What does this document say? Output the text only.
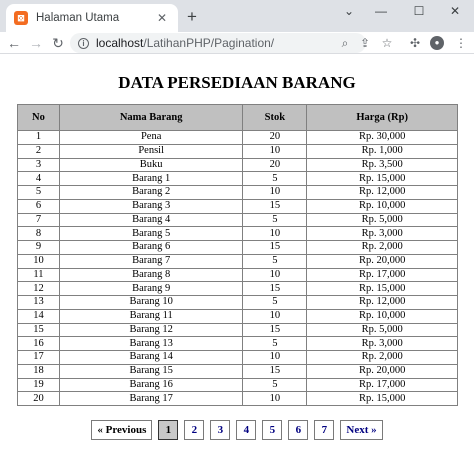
⊠ Halaman Utama	✕ +	⌄	—	☐	✕
← → ↻	i localhost/LatihanPHP/Pagination/	⌕ ⇪ ☆	✣	●	⋮
DATA PERSEDIAAN BARANG
No	Nama Barang	Stok	Harga (Rp)
1	Pena	20	Rp. 30,000
2	Pensil	10	Rp. 1,000
3	Buku	20	Rp. 3,500
4	Barang 1	5	Rp. 15,000
5	Barang 2	10	Rp. 12,000
6	Barang 3	15	Rp. 10,000
7	Barang 4	5	Rp. 5,000
8	Barang 5	10	Rp. 3,000
9	Barang 6	15	Rp. 2,000
10	Barang 7	5	Rp. 20,000
11	Barang 8	10	Rp. 17,000
12	Barang 9	15	Rp. 15,000
13	Barang 10	5	Rp. 12,000
14	Barang 11	10	Rp. 10,000
15	Barang 12	15	Rp. 5,000
16	Barang 13	5	Rp. 3,000
17	Barang 14	10	Rp. 2,000
18	Barang 15	15	Rp. 20,000
19	Barang 16	5	Rp. 17,000
20	Barang 17	10	Rp. 15,000
« Previous	1	2	3	4	5	6	7	Next »
